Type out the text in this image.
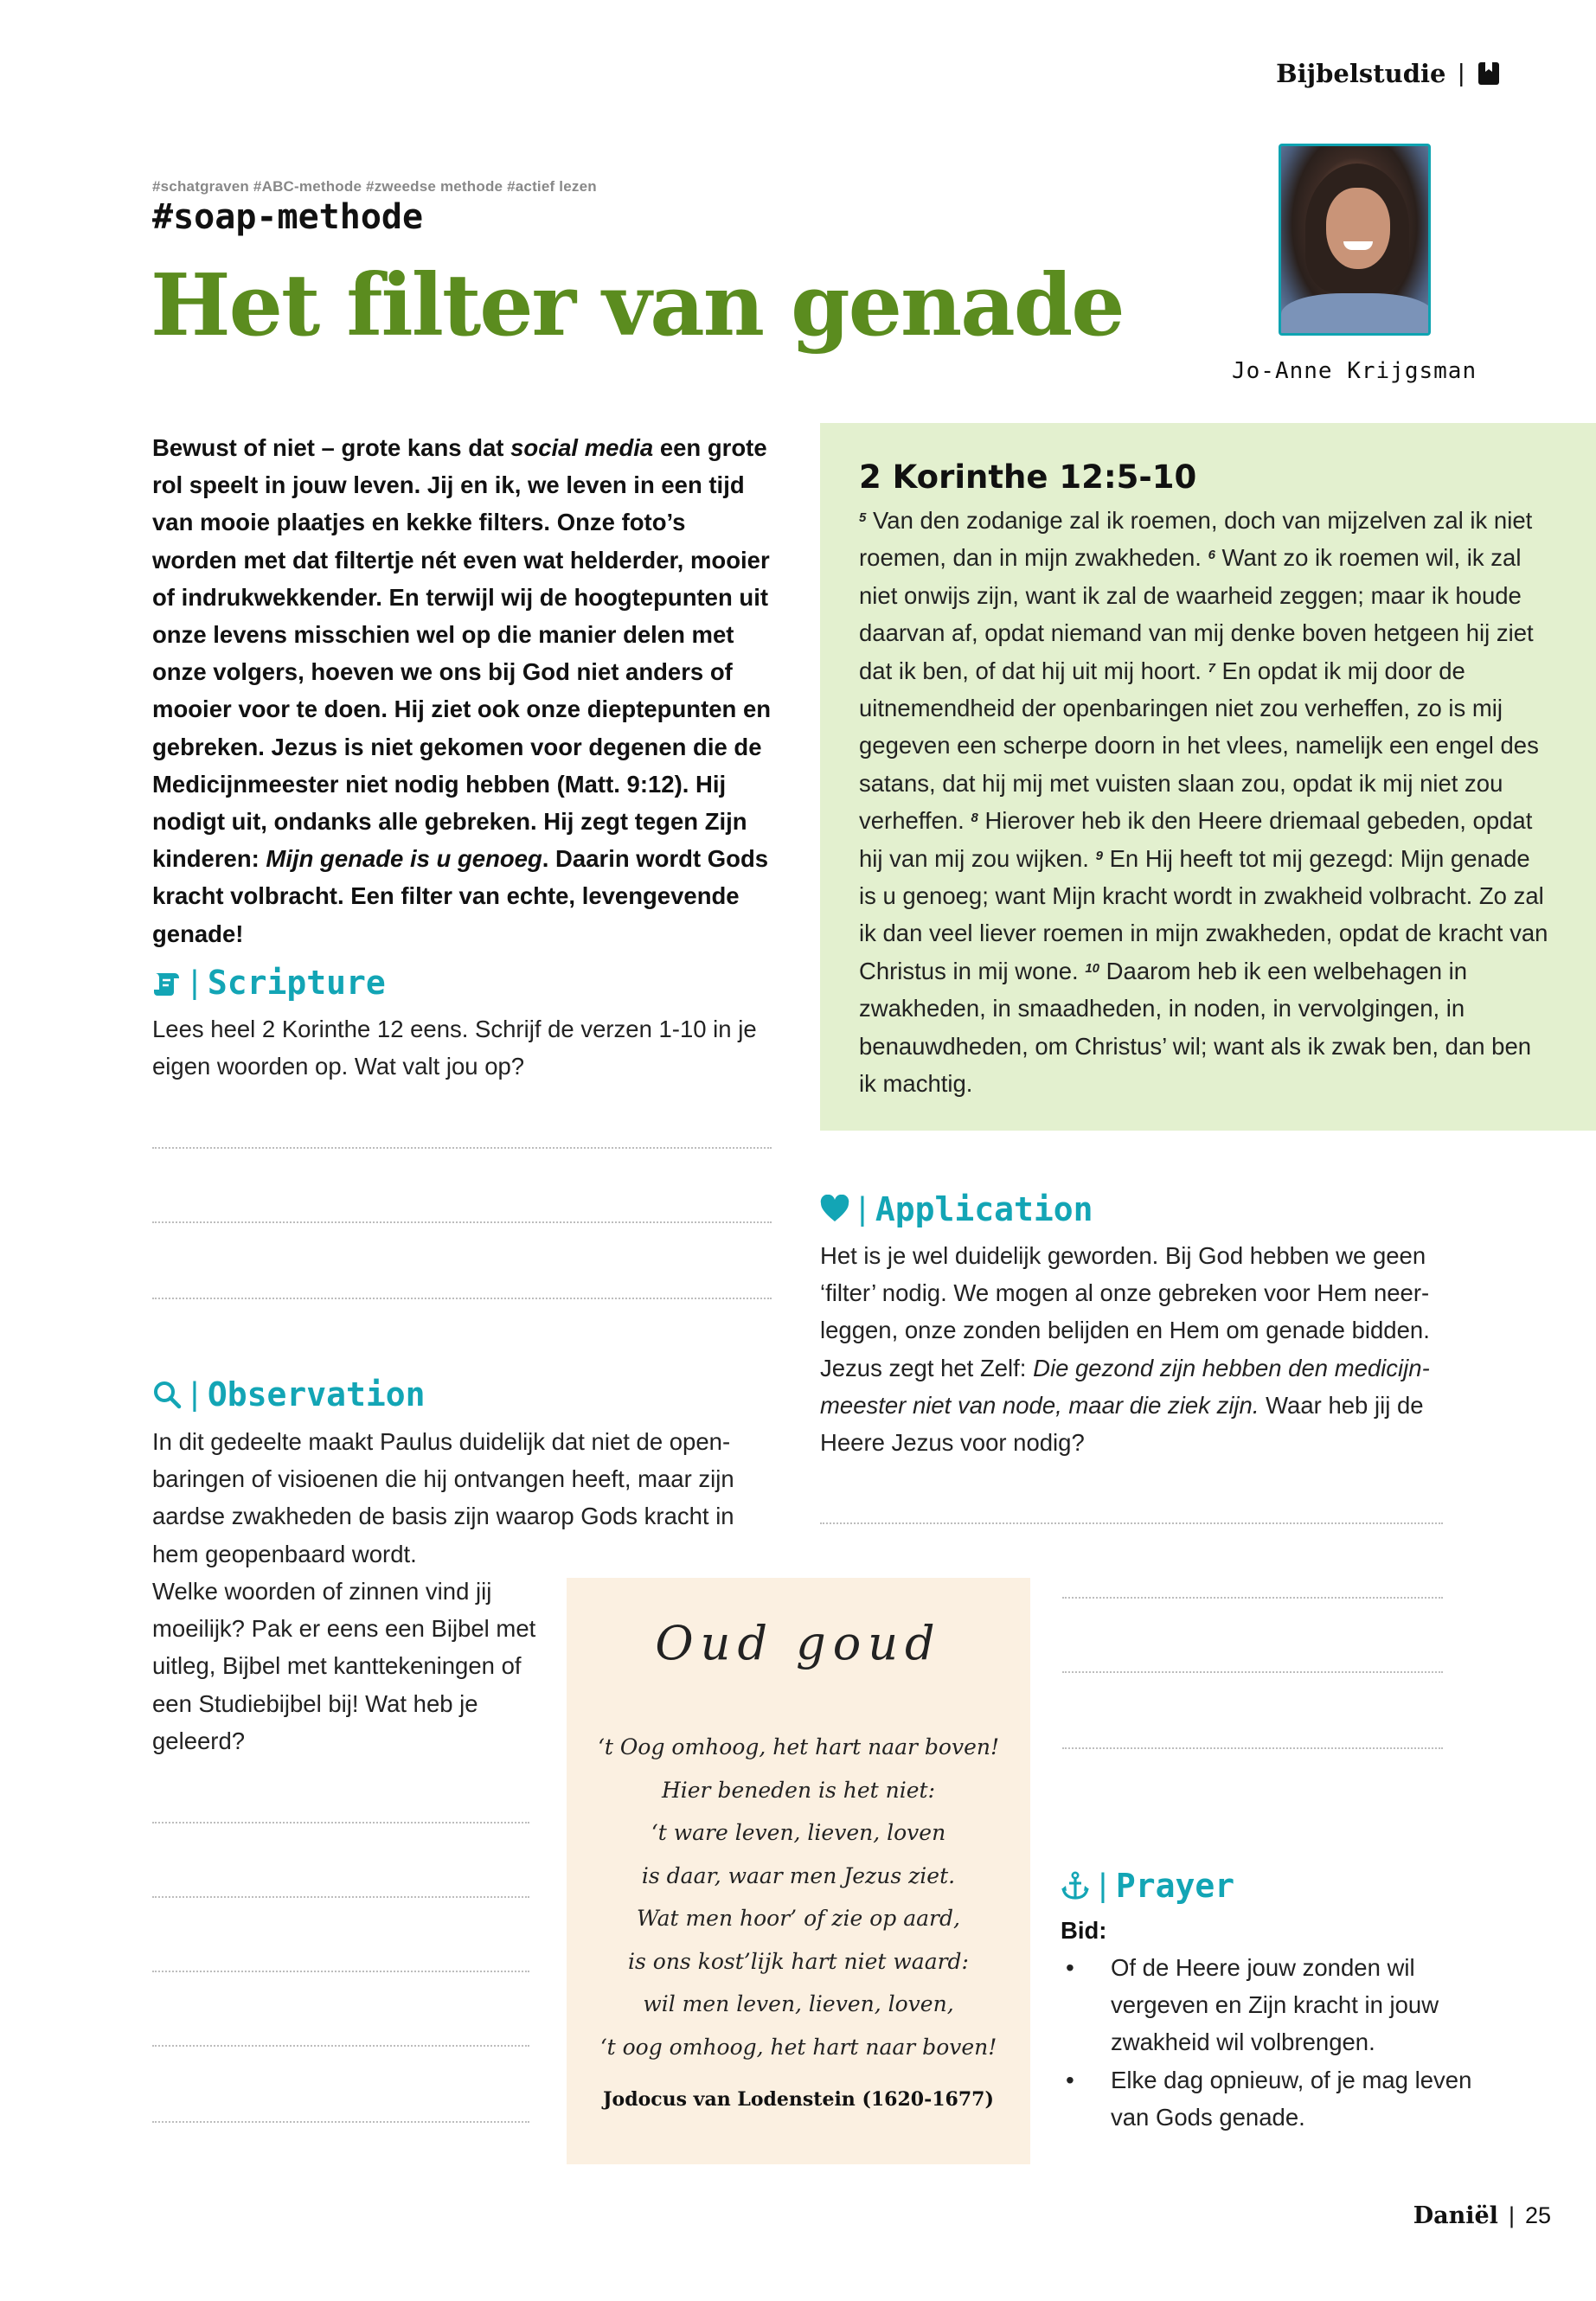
Bijbelstudie |
#schatgraven #ABC-methode #zweedse methode #actief lezen
#soap-methode
Het filter van genade
Jo-Anne Krijgsman

Bewust of niet – grote kans dat social media een grote rol speelt in jouw leven. Jij en ik, we leven in een tijd van mooie plaatjes en kekke filters. Onze foto’s worden met dat filtertje nét even wat helderder, mooier of indrukwekkender. En terwijl wij de hoogtepunten uit onze levens misschien wel op die manier delen met onze volgers, hoeven we ons bij God niet anders of mooier voor te doen. Hij ziet ook onze dieptepunten en gebreken. Jezus is niet gekomen voor degenen die de Medicijnmeester niet nodig hebben (Matt. 9:12). Hij nodigt uit, ondanks alle gebreken. Hij zegt tegen Zijn kinderen: Mijn genade is u genoeg. Daarin wordt Gods kracht volbracht. Een filter van echte, levengevende genade!

| Scripture

Lees heel 2 Korinthe 12 eens. Schrijf de verzen 1-10 in je eigen woorden op. Wat valt jou op?

| Observation

In dit gedeelte maakt Paulus duidelijk dat niet de openbaringen of visioenen die hij ontvangen heeft, maar zijn aardse zwakheden de basis zijn waarop Gods kracht in hem geopenbaard wordt.

Welke woorden of zinnen vind jij moeilijk? Pak er eens een Bijbel met uitleg, Bijbel met kanttekeningen of een Studiebijbel bij! Wat heb je geleerd?

2 Korinthe 12:5-10

$^5$ Van den zodanige zal ik roemen, doch van mijzelven zal ik niet roemen, dan in mijn zwakheden. $^6$ Want zo ik roemen wil, ik zal niet onwijs zijn, want ik zal de waarheid zeggen; maar ik houde daarvan af, opdat niemand van mij denke boven hetgeen hij ziet dat ik ben, of dat hij uit mij hoort. $^7$ En opdat ik mij door de uitnemendheid der openbaringen niet zou verheffen, zo is mij gegeven een scherpe doorn in het vlees, namelijk een engel des satans, dat hij mij met vuisten slaan zou, opdat ik mij niet zou verheffen. $^8$ Hierover heb ik den Heere driemaal gebeden, opdat hij van mij zou wijken. $^9$ En Hij heeft tot mij gezegd: Mijn genade is u genoeg; want Mijn kracht wordt in zwakheid volbracht. Zo zal ik dan veel liever roemen in mijn zwakheden, opdat de kracht van Christus in mij wone. $^{10}$ Daarom heb ik een welbehagen in zwakheden, in smaadheden, in noden, in vervolgingen, in benauwdheden, om Christus’ wil; want als ik zwak ben, dan ben ik machtig.

| Application

Het is je wel duidelijk geworden. Bij God hebben we geen ‘filter’ nodig. We mogen al onze gebreken voor Hem neerleggen, onze zonden belijden en Hem om genade bidden. Jezus zegt het Zelf: Die gezond zijn hebben den medicijnmeester niet van node, maar die ziek zijn. Waar heb jij de Heere Jezus voor nodig?

Oud goud
‘t Oog omhoog, het hart naar boven!
Hier beneden is het niet:
‘t ware leven, lieven, loven
is daar, waar men Jezus ziet.
Wat men hoor’ of zie op aard,
is ons kost’lijk hart niet waard:
wil men leven, lieven, loven,
‘t oog omhoog, het hart naar boven!
Jodocus van Lodenstein (1620-1677)
| Prayer
Bid:
• Of de Heere jouw zonden wil vergeven en Zijn kracht in jouw zwakheid wil volbrengen.
• Elke dag opnieuw, of je mag leven van Gods genade.
Daniël | 25
